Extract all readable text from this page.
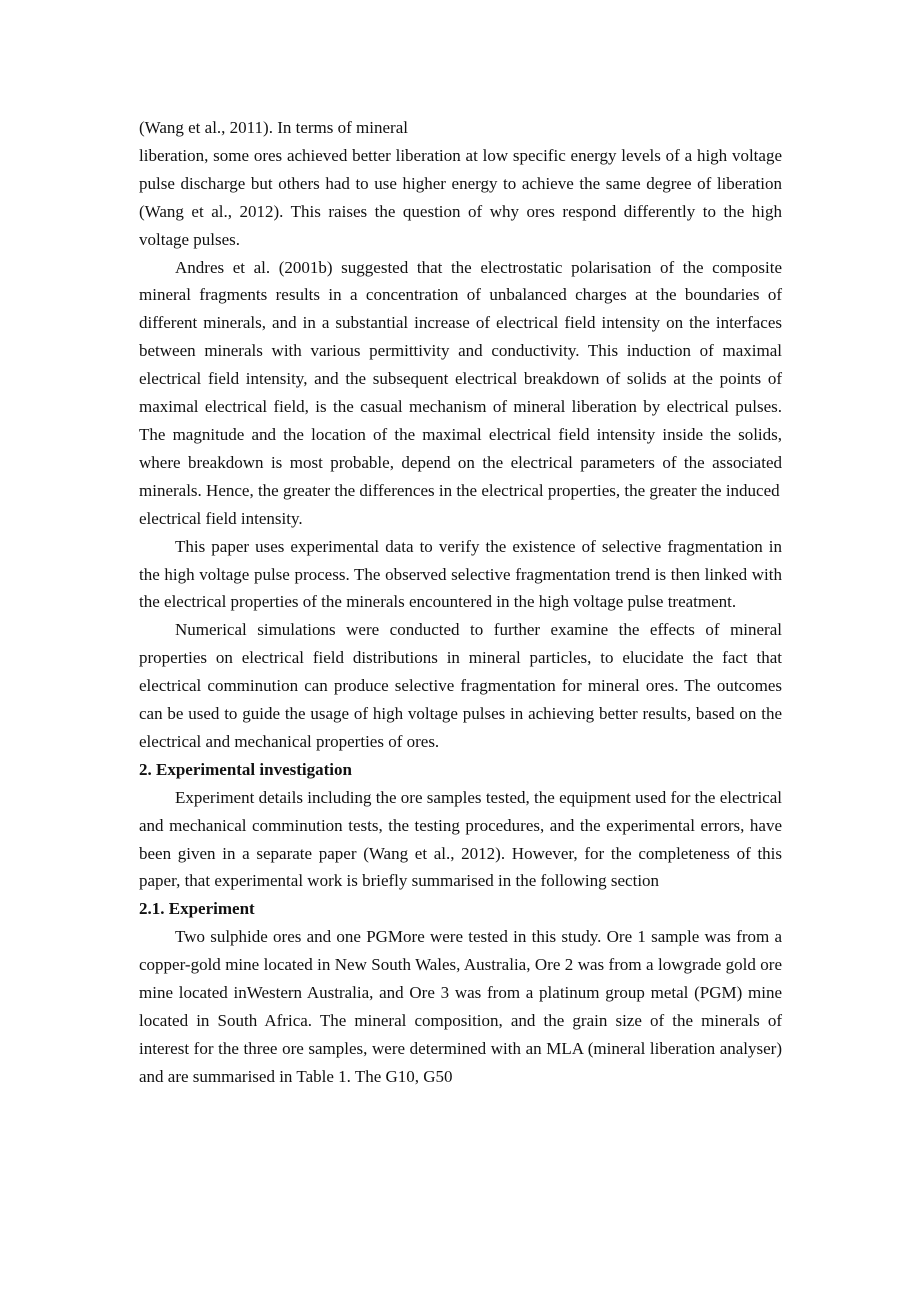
(Wang et al., 2011). In terms of mineral

liberation, some ores achieved better liberation at low specific energy levels of a high voltage pulse discharge but others had to use higher energy to achieve the same degree of liberation (Wang et al., 2012). This raises the question of why ores respond differently to the high voltage pulses.

Andres et al. (2001b) suggested that the electrostatic polarisation of the composite mineral fragments results in a concentration of unbalanced charges at the boundaries of different minerals, and in a substantial increase of electrical field intensity on the interfaces between minerals with various permittivity and conductivity. This induction of maximal electrical field intensity, and the subsequent electrical breakdown of solids at the points of maximal electrical field, is the casual mechanism of mineral liberation by electrical pulses. The magnitude and the location of the maximal electrical field intensity inside the solids, where breakdown is most probable, depend on the electrical parameters of the associated minerals. Hence, the greater the differences in the electrical properties, the greater the induced

electrical field intensity.

This paper uses experimental data to verify the existence of selective fragmentation in the high voltage pulse process. The observed selective fragmentation trend is then linked with the electrical properties of the minerals encountered in the high voltage pulse treatment.

Numerical simulations were conducted to further examine the effects of mineral properties on electrical field distributions in mineral particles, to elucidate the fact that electrical comminution can produce selective fragmentation for mineral ores. The outcomes can be used to guide the usage of high voltage pulses in achieving better results, based on the electrical and mechanical properties of ores.

2. Experimental investigation

Experiment details including the ore samples tested, the equipment used for the electrical and mechanical comminution tests, the testing procedures, and the experimental errors, have been given in a separate paper (Wang et al., 2012). However, for the completeness of this paper, that experimental work is briefly summarised in the following section

2.1. Experiment

Two sulphide ores and one PGMore were tested in this study. Ore 1 sample was from a copper-gold mine located in New South Wales, Australia, Ore 2 was from a lowgrade gold ore mine located inWestern Australia, and Ore 3 was from a platinum group metal (PGM) mine located in South Africa. The mineral composition, and the grain size of the minerals of interest for the three ore samples, were determined with an MLA (mineral liberation analyser) and are summarised in Table 1. The G10, G50
